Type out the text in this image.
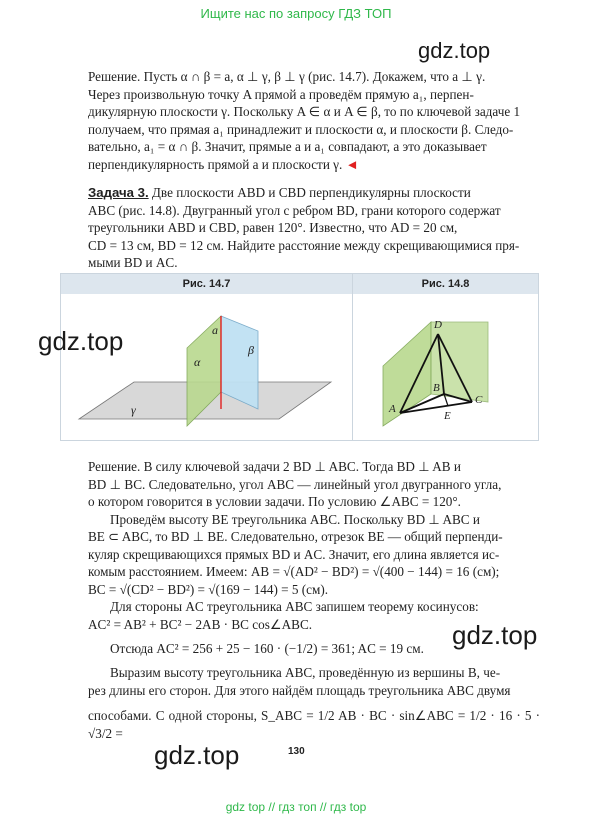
Ищите нас по запросу ГДЗ ТОП
gdz.top
Решение. Пусть α ∩ β = a, α ⊥ γ, β ⊥ γ (рис. 14.7). Докажем, что a ⊥ γ.
Через произвольную точку A прямой a проведём прямую a₁, перпен-
дикулярную плоскости γ. Поскольку A ∈ α и A ∈ β, то по ключевой задаче 1
получаем, что прямая a₁ принадлежит и плоскости α, и плоскости β. Следо-
вательно, a₁ = α ∩ β. Значит, прямые a и a₁ совпадают, а это доказывает
перпендикулярность прямой a и плоскости γ. ◄
Задача 3. Две плоскости ABD и CBD перпендикулярны плоскости
ABC (рис. 14.8). Двугранный угол с ребром BD, грани которого содержат
треугольники ABD и CBD, равен 120°. Известно, что AD = 20 см,
CD = 13 см, BD = 12 см. Найдите расстояние между скрещивающимися пря-
мыми BD и AC.
Рис. 14.7	Рис. 14.8
α
β
a
γ
D
B
A
C
E
gdz.top
Решение. В силу ключевой задачи 2 BD ⊥ ABC. Тогда BD ⊥ AB и
BD ⊥ BC. Следовательно, угол ABC — линейный угол двугранного угла,
о котором говорится в условии задачи. По условию ∠ABC = 120°.
Проведём высоту BE треугольника ABC. Поскольку BD ⊥ ABC и
BE ⊂ ABC, то BD ⊥ BE. Следовательно, отрезок BE — общий перпенди-
куляр скрещивающихся прямых BD и AC. Значит, его длина является ис-
комым расстоянием. Имеем: AB = √(AD² − BD²) = √(400 − 144) = 16 (см);
BC = √(CD² − BD²) = √(169 − 144) = 5 (см).
Для стороны AC треугольника ABC запишем теорему косинусов:
AC² = AB² + BC² − 2AB · BC cos∠ABC.
Отсюда AC² = 256 + 25 − 160 · (−1/2) = 361; AC = 19 см.	gdz.top
Выразим высоту треугольника ABC, проведённую из вершины B, че-
рез длины его сторон. Для этого найдём площадь треугольника ABC двумя
способами. С одной стороны, S_ABC = 1/2 AB · BC · sin∠ABC = 1/2 · 16 · 5 · √3/2 =
gdz.top	130
gdz top // гдз топ // гдз top
